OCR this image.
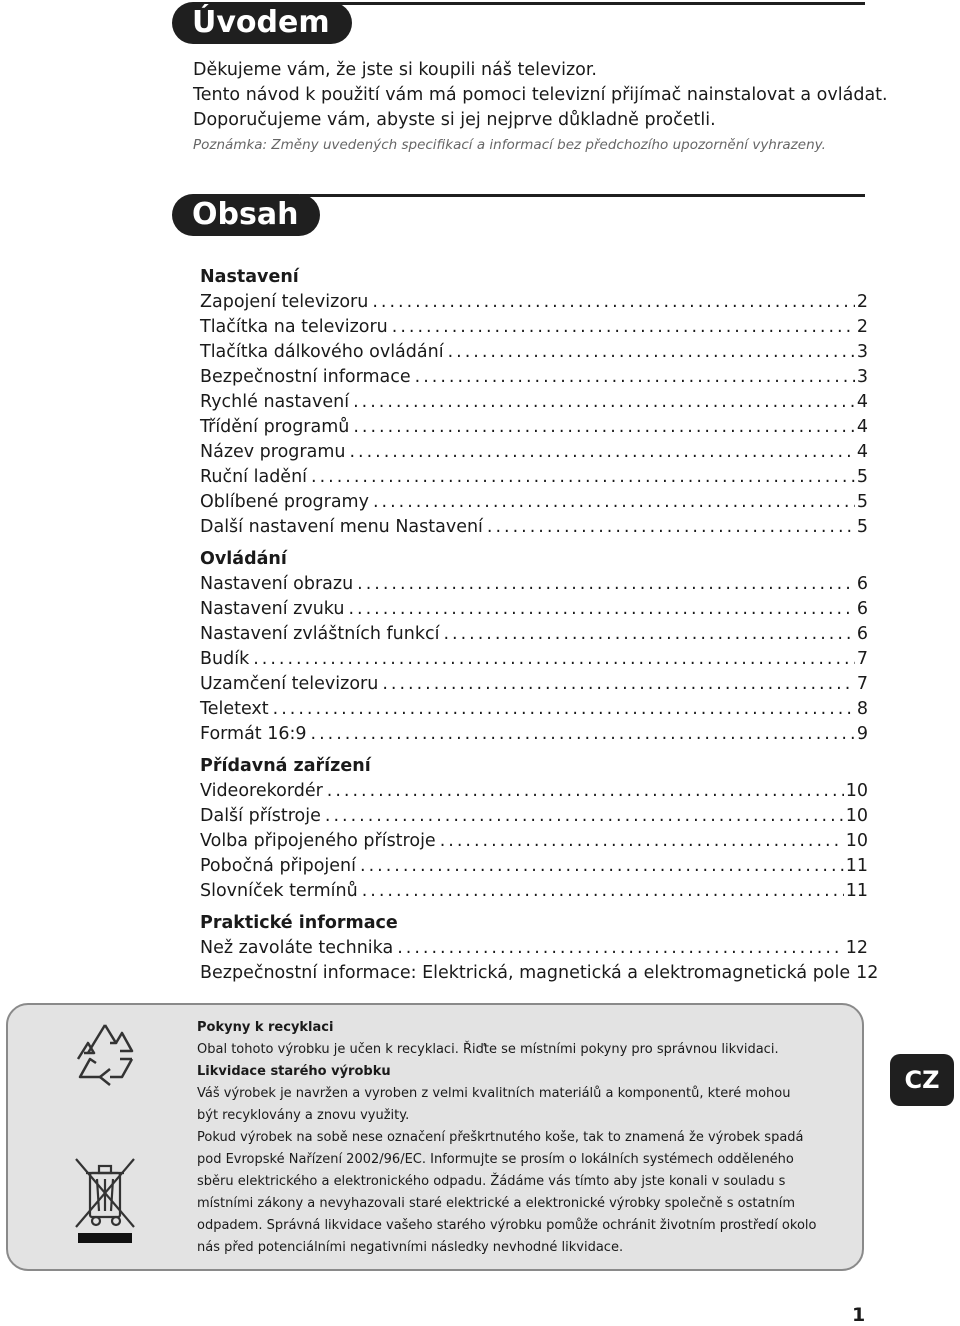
Úvodem
Děkujeme vám, že jste si koupili náš televizor.
Tento návod k použití vám má pomoci televizní přijímač nainstalovat a ovládat.
Doporučujeme vám, abyste si jej nejprve důkladně pročetli.
Poznámka: Změny uvedených specifikací a informací bez předchozího upozornění vyhrazeny.
Obsah
Nastavení
Zapojení televizoru .....	2
Tlačítka na televizoru .....	2
Tlačítka dálkového ovládání .....	3
Bezpečnostní informace .....	3
Rychlé nastavení .....	4
Třídění programů .....	4
Název programu .....	4
Ruční ladění .....	5
Oblíbené programy .....	5
Další nastavení menu Nastavení .....	5
Ovládání
Nastavení obrazu .....	6
Nastavení zvuku .....	6
Nastavení zvláštních funkcí .....	6
Budík .....	7
Uzamčení televizoru .....	7
Teletext .....	8
Formát 16:9 .....	9
Přídavná zařízení
Videorekordér .....	10
Další přístroje .....	10
Volba připojeného přístroje .....	10
Pobočná připojení .....	11
Slovníček termínů .....	11
Praktické informace
Než zavoláte technika .....	12
Bezpečnostní informace: Elektrická, magnetická a elektromagnetická pole 12
Pokyny k recyklaci
Obal tohoto výrobku je učen k recyklaci. Řiďte se místními pokyny pro správnou likvidaci.
Likvidace starého výrobku
Váš výrobek je navržen a vyroben z velmi kvalitních materiálů a komponentů, které mohou
být recyklovány a znovu využity.
Pokud výrobek na sobě nese označení přeškrtnutého koše, tak to znamená že výrobek spadá
pod Evropské Nařízení 2002/96/EC. Informujte se prosím o lokálních systémech odděleného
sběru elektrického a elektronického odpadu. Žádáme vás tímto aby jste konali v souladu s
místními zákony a nevyhazovali staré elektrické a elektronické výrobky společně s ostatním
odpadem. Správná likvidace vašeho starého výrobku pomůže ochránit životním prostředí okolo
nás před potenciálními negativními následky nevhodné likvidace.
CZ
1
